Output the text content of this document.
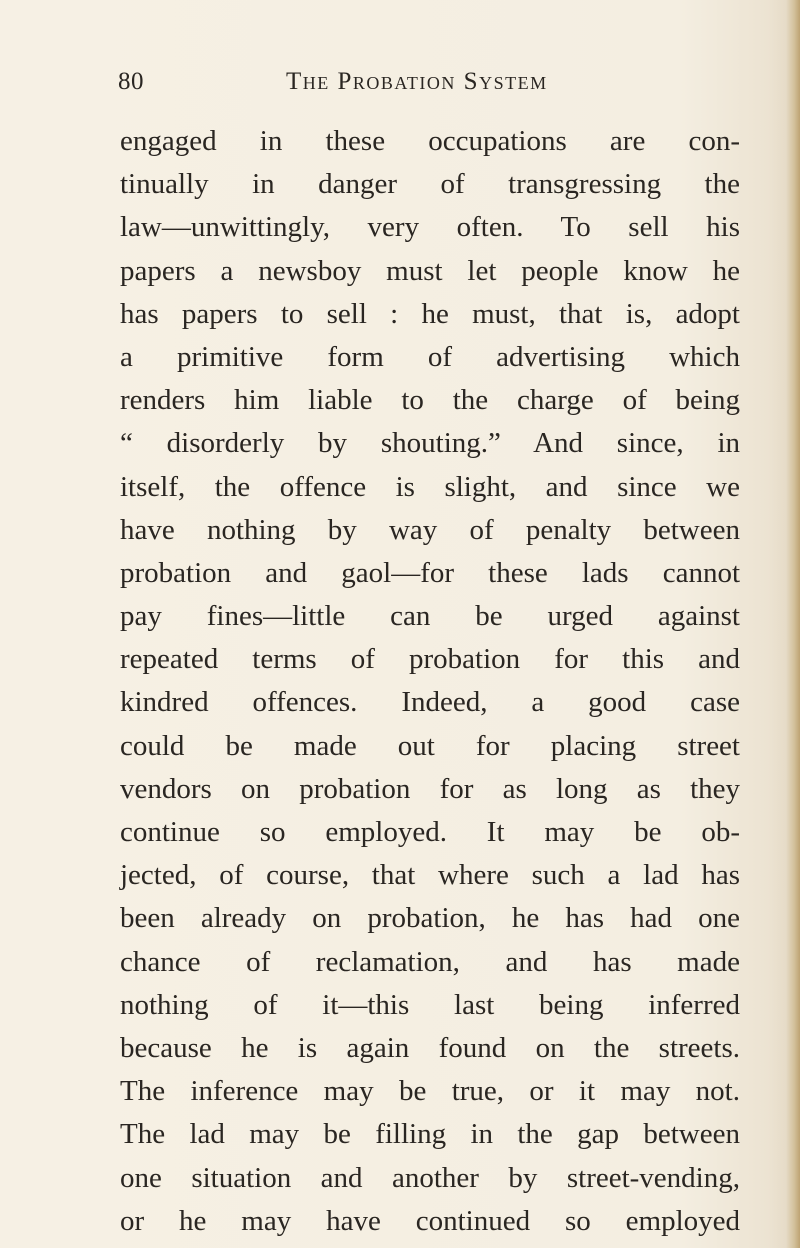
80	The Probation System
engaged in these occupations are con-
tinually in danger of transgressing the
law—unwittingly, very often. To sell his
papers a newsboy must let people know he
has papers to sell : he must, that is, adopt
a primitive form of advertising which
renders him liable to the charge of being
“ disorderly by shouting.” And since, in
itself, the offence is slight, and since we
have nothing by way of penalty between
probation and gaol—for these lads cannot
pay fines—little can be urged against
repeated terms of probation for this and
kindred offences. Indeed, a good case
could be made out for placing street
vendors on probation for as long as they
continue so employed. It may be ob-
jected, of course, that where such a lad has
been already on probation, he has had one
chance of reclamation, and has made
nothing of it—this last being inferred
because he is again found on the streets.
The inference may be true, or it may not.
The lad may be filling in the gap between
one situation and another by street-vending,
or he may have continued so employed
